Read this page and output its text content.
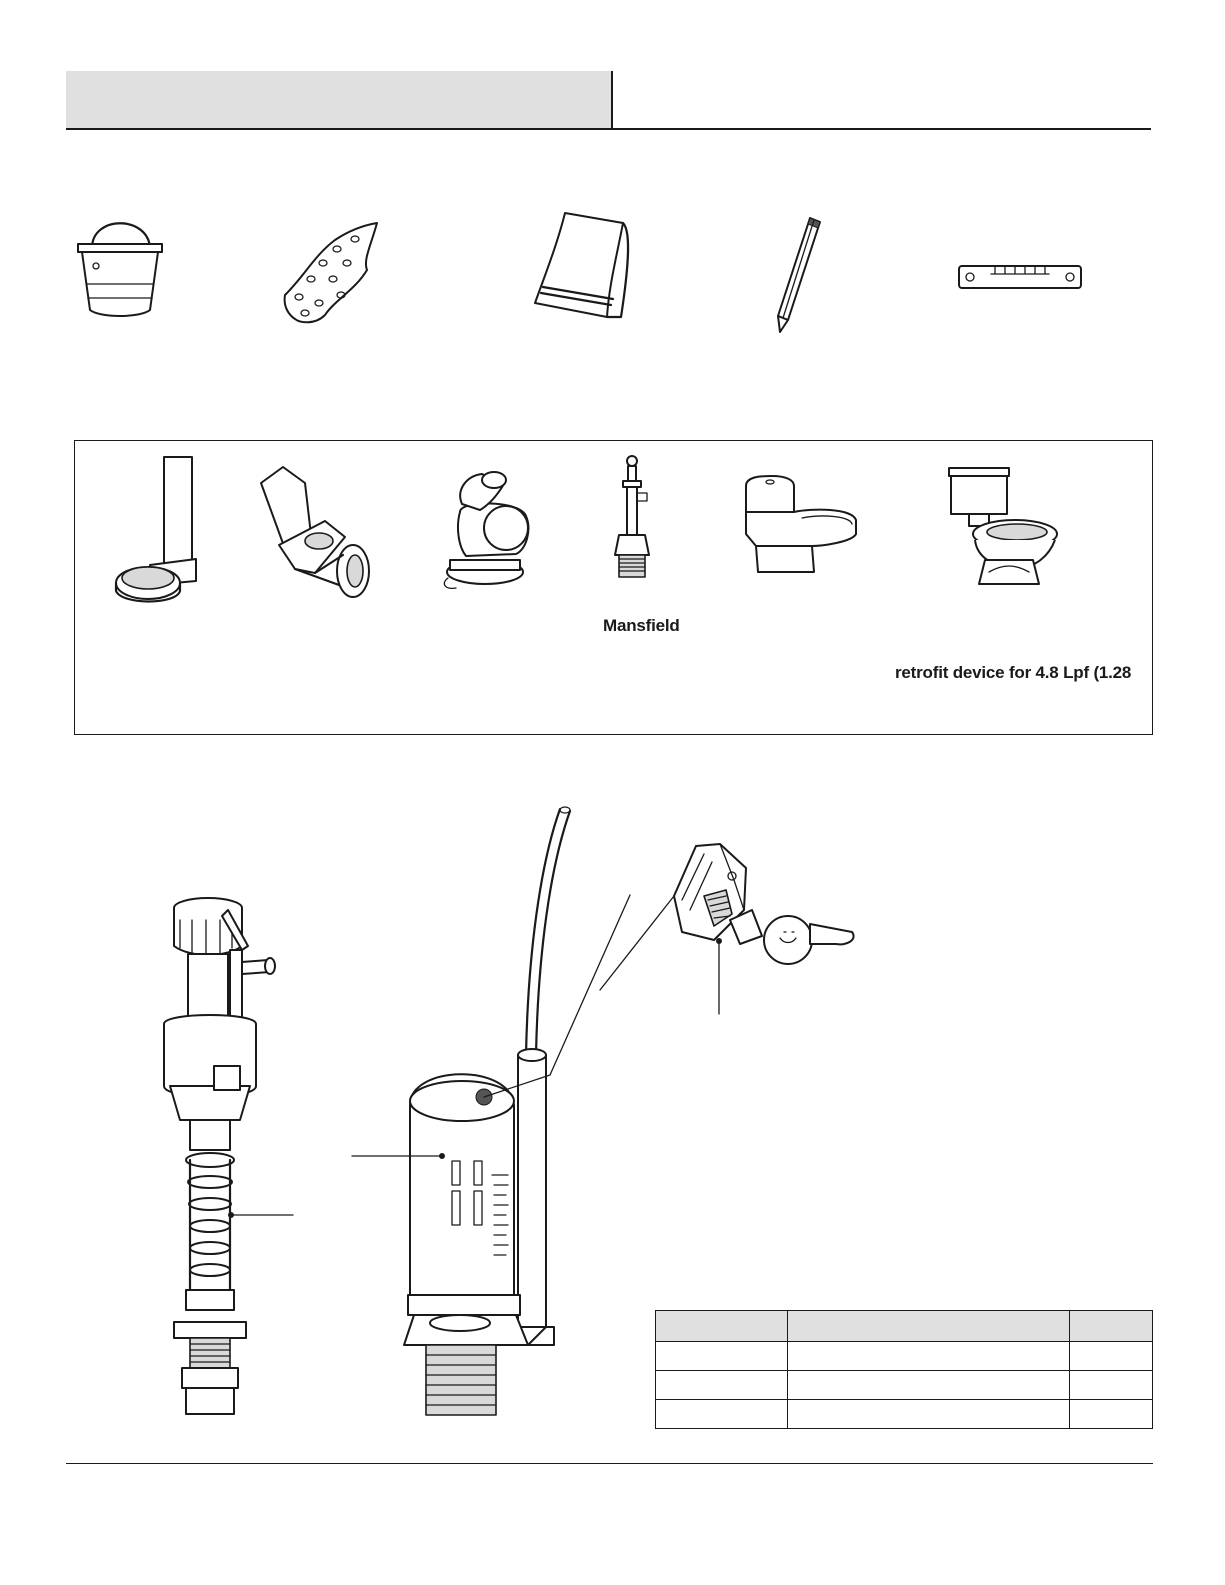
Mansfield
retrofit device for 4.8 Lpf (1.28
